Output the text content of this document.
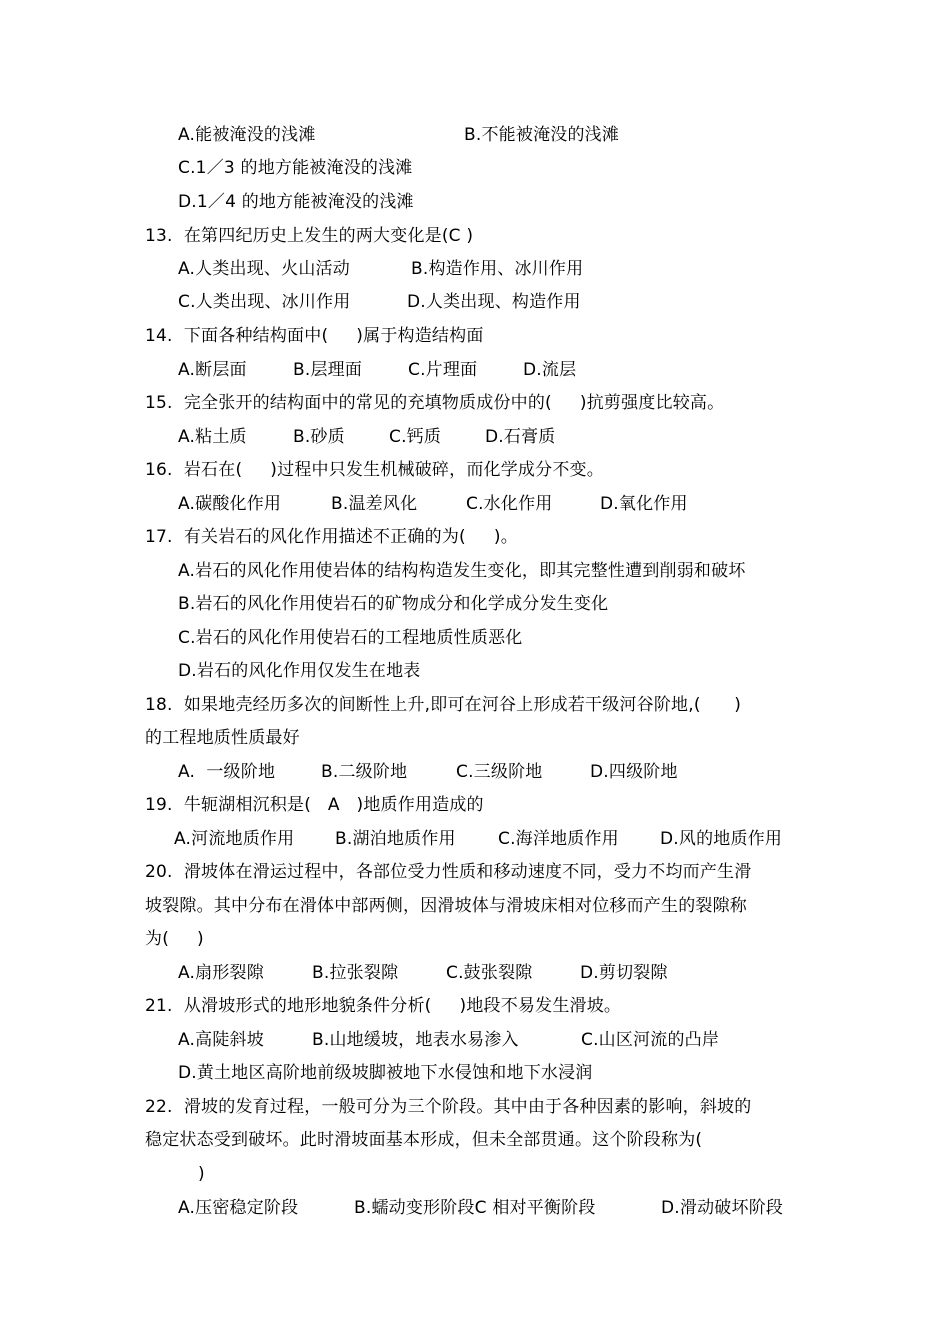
A.能被淹没的浅滩	B.不能被淹没的浅滩
C.1／3 的地方能被淹没的浅滩
D.1／4 的地方能被淹没的浅滩
13.  在第四纪历史上发生的两大变化是(C )
A.人类出现、火山活动	B.构造作用、冰川作用
C.人类出现、冰川作用	D.人类出现、构造作用
14.  下面各种结构面中(     )属于构造结构面
A.断层面	B.层理面	C.片理面	D.流层
15.  完全张开的结构面中的常见的充填物质成份中的(     )抗剪强度比较高。
A.粘土质	B.砂质	C.钙质	D.石膏质
16.  岩石在(     )过程中只发生机械破碎，而化学成分不变。
A.碳酸化作用	B.温差风化	C.水化作用	D.氧化作用
17.  有关岩石的风化作用描述不正确的为(     )。
A.岩石的风化作用使岩体的结构构造发生变化，即其完整性遭到削弱和破坏
B.岩石的风化作用使岩石的矿物成分和化学成分发生变化
C.岩石的风化作用使岩石的工程地质性质恶化
D.岩石的风化作用仅发生在地表
18.  如果地壳经历多次的间断性上升,即可在河谷上形成若干级河谷阶地,(      )
的工程地质性质最好
A.  一级阶地	B.二级阶地	C.三级阶地	D.四级阶地
19.  牛轭湖相沉积是(   A   )地质作用造成的
A.河流地质作用 B.湖泊地质作用 C.海洋地质作用 D.风的地质作用
20.  滑坡体在滑运过程中，各部位受力性质和移动速度不同，受力不均而产生滑
坡裂隙。其中分布在滑体中部两侧，因滑坡体与滑坡床相对位移而产生的裂隙称
为(     )
A.扇形裂隙	B.拉张裂隙	C.鼓张裂隙	D.剪切裂隙
21.  从滑坡形式的地形地貌条件分析(     )地段不易发生滑坡。
A.高陡斜坡	B.山地缓坡，地表水易渗入	C.山区河流的凸岸
D.黄土地区高阶地前级坡脚被地下水侵蚀和地下水浸润
22.  滑坡的发育过程，一般可分为三个阶段。其中由于各种因素的影响，斜坡的
稳定状态受到破坏。此时滑坡面基本形成，但未全部贯通。这个阶段称为(
)
A.压密稳定阶段	B.蠕动变形阶段C 相对平衡阶段	D.滑动破坏阶段
